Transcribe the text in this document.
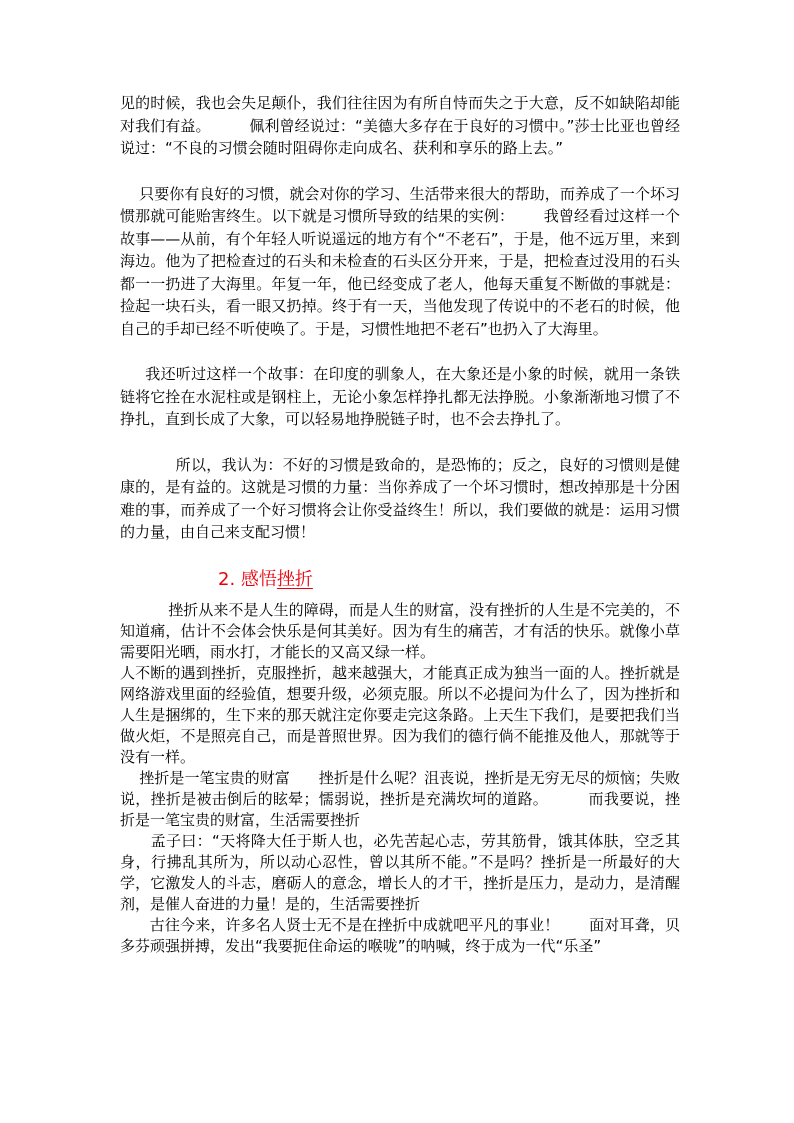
见的时候，我也会失足颠仆，我们往往因为有所自恃而失之于大意，反不如缺陷却能对我们有益。        佩利曾经说过：“美德大多存在于良好的习惯中。”莎士比亚也曾经说过：“不良的习惯会随时阻碍你走向成名、获利和享乐的路上去。”

只要你有良好的习惯，就会对你的学习、生活带来很大的帮助，而养成了一个坏习惯那就可能贻害终生。以下就是习惯所导致的结果的实例：      我曾经看过这样一个故事——从前，有个年轻人听说遥远的地方有个“不老石”，于是，他不远万里，来到海边。他为了把检查过的石头和未检查的石头区分开来，于是，把检查过没用的石头都一一扔进了大海里。年复一年，他已经变成了老人，他每天重复不断做的事就是：捡起一块石头，看一眼又扔掉。终于有一天，当他发现了传说中的不老石的时候，他自己的手却已经不听使唤了。于是，习惯性地把不老石”也扔入了大海里。

我还听过这样一个故事：在印度的驯象人，在大象还是小象的时候，就用一条铁链将它拴在水泥柱或是钢柱上，无论小象怎样挣扎都无法挣脱。小象渐渐地习惯了不挣扎，直到长成了大象，可以轻易地挣脱链子时，也不会去挣扎了。

所以，我认为：不好的习惯是致命的，是恐怖的；反之，良好的习惯则是健康的，是有益的。这就是习惯的力量：当你养成了一个坏习惯时，想改掉那是十分困难的事，而养成了一个好习惯将会让你受益终生！所以，我们要做的就是：运用习惯的力量，由自己来支配习惯！

2. 感悟挫折

挫折从来不是人生的障碍，而是人生的财富，没有挫折的人生是不完美的，不知道痛，估计不会体会快乐是何其美好。因为有生的痛苦，才有活的快乐。就像小草需要阳光晒，雨水打，才能长的又高又绿一样。

人不断的遇到挫折，克服挫折，越来越强大，才能真正成为独当一面的人。挫折就是网络游戏里面的经验值，想要升级，必须克服。所以不必提问为什么了，因为挫折和人生是捆绑的，生下来的那天就注定你要走完这条路。上天生下我们，是要把我们当做火炬，不是照亮自己，而是普照世界。因为我们的德行倘不能推及他人，那就等于没有一样。

挫折是一笔宝贵的财富      挫折是什么呢？沮丧说，挫折是无穷无尽的烦恼；失败说，挫折是被击倒后的眩晕；懦弱说，挫折是充满坎坷的道路。        而我要说，挫折是一笔宝贵的财富，生活需要挫折

孟子曰：“天将降大任于斯人也，必先苦起心志，劳其筋骨，饿其体肤，空乏其身，行拂乱其所为，所以动心忍性，曾以其所不能。”不是吗？挫折是一所最好的大学，它激发人的斗志，磨砺人的意念，增长人的才干，挫折是压力，是动力，是清醒剂，是催人奋进的力量！是的，生活需要挫折

古往今来，许多名人贤士无不是在挫折中成就吧平凡的事业！      面对耳聋，贝多芬顽强拼搏，发出“我要扼住命运的喉咙”的呐喊，终于成为一代“乐圣”
